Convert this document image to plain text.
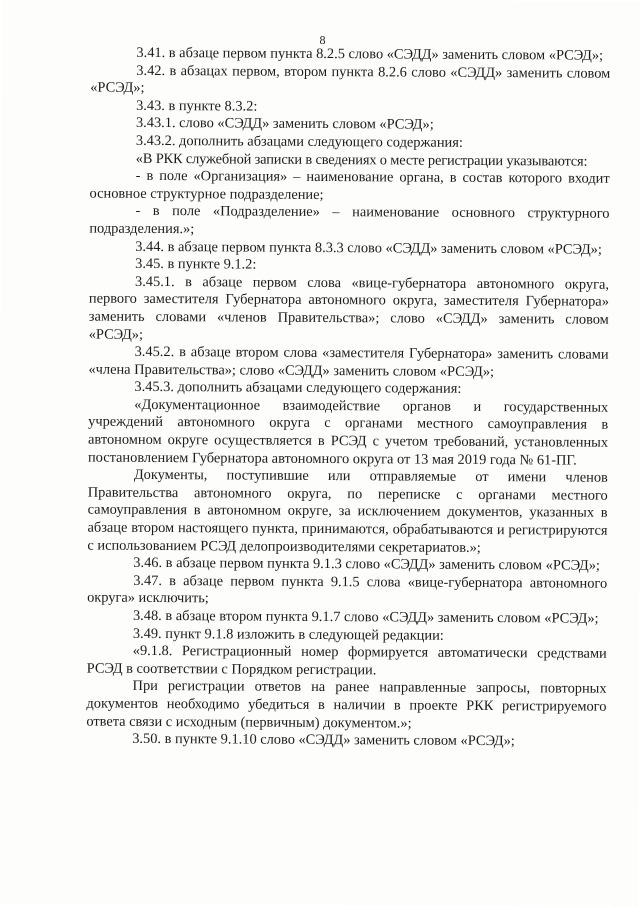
8

3.41. в абзаце первом пункта 8.2.5 слово «СЭДД» заменить словом «РСЭД»;

3.42. в абзацах первом, втором пункта 8.2.6 слово «СЭДД» заменить словом «РСЭД»;

3.43. в пункте 8.3.2:

3.43.1. слово «СЭДД» заменить словом «РСЭД»;

3.43.2. дополнить абзацами следующего содержания:

«В РКК служебной записки в сведениях о месте регистрации указываются:

- в поле «Организация» – наименование органа, в состав которого входит основное структурное подразделение;

- в поле «Подразделение» – наименование основного структурного подразделения.»;

3.44. в абзаце первом пункта 8.3.3 слово «СЭДД» заменить словом «РСЭД»;

3.45. в пункте 9.1.2:

3.45.1. в абзаце первом слова «вице-губернатора автономного округа, первого заместителя Губернатора автономного округа, заместителя Губернатора» заменить словами «членов Правительства»; слово «СЭДД» заменить словом «РСЭД»;

3.45.2. в абзаце втором слова «заместителя Губернатора» заменить словами «члена Правительства»; слово «СЭДД» заменить словом «РСЭД»;

3.45.3. дополнить абзацами следующего содержания:

«Документационное взаимодействие органов и государственных учреждений автономного округа с органами местного самоуправления в автономном округе осуществляется в РСЭД с учетом требований, установленных постановлением Губернатора автономного округа от 13 мая 2019 года № 61-ПГ.

Документы, поступившие или отправляемые от имени членов Правительства автономного округа, по переписке с органами местного самоуправления в автономном округе, за исключением документов, указанных в абзаце втором настоящего пункта, принимаются, обрабатываются и регистрируются с использованием РСЭД делопроизводителями секретариатов.»;

3.46. в абзаце первом пункта 9.1.3 слово «СЭДД» заменить словом «РСЭД»;

3.47. в абзаце первом пункта 9.1.5 слова «вице-губернатора автономного округа» исключить;

3.48. в абзаце втором пункта 9.1.7 слово «СЭДД» заменить словом «РСЭД»;

3.49. пункт 9.1.8 изложить в следующей редакции:

«9.1.8. Регистрационный номер формируется автоматически средствами РСЭД в соответствии с Порядком регистрации.

При регистрации ответов на ранее направленные запросы, повторных документов необходимо убедиться в наличии в проекте РКК регистрируемого ответа связи с исходным (первичным) документом.»;

3.50. в пункте 9.1.10 слово «СЭДД» заменить словом «РСЭД»;
